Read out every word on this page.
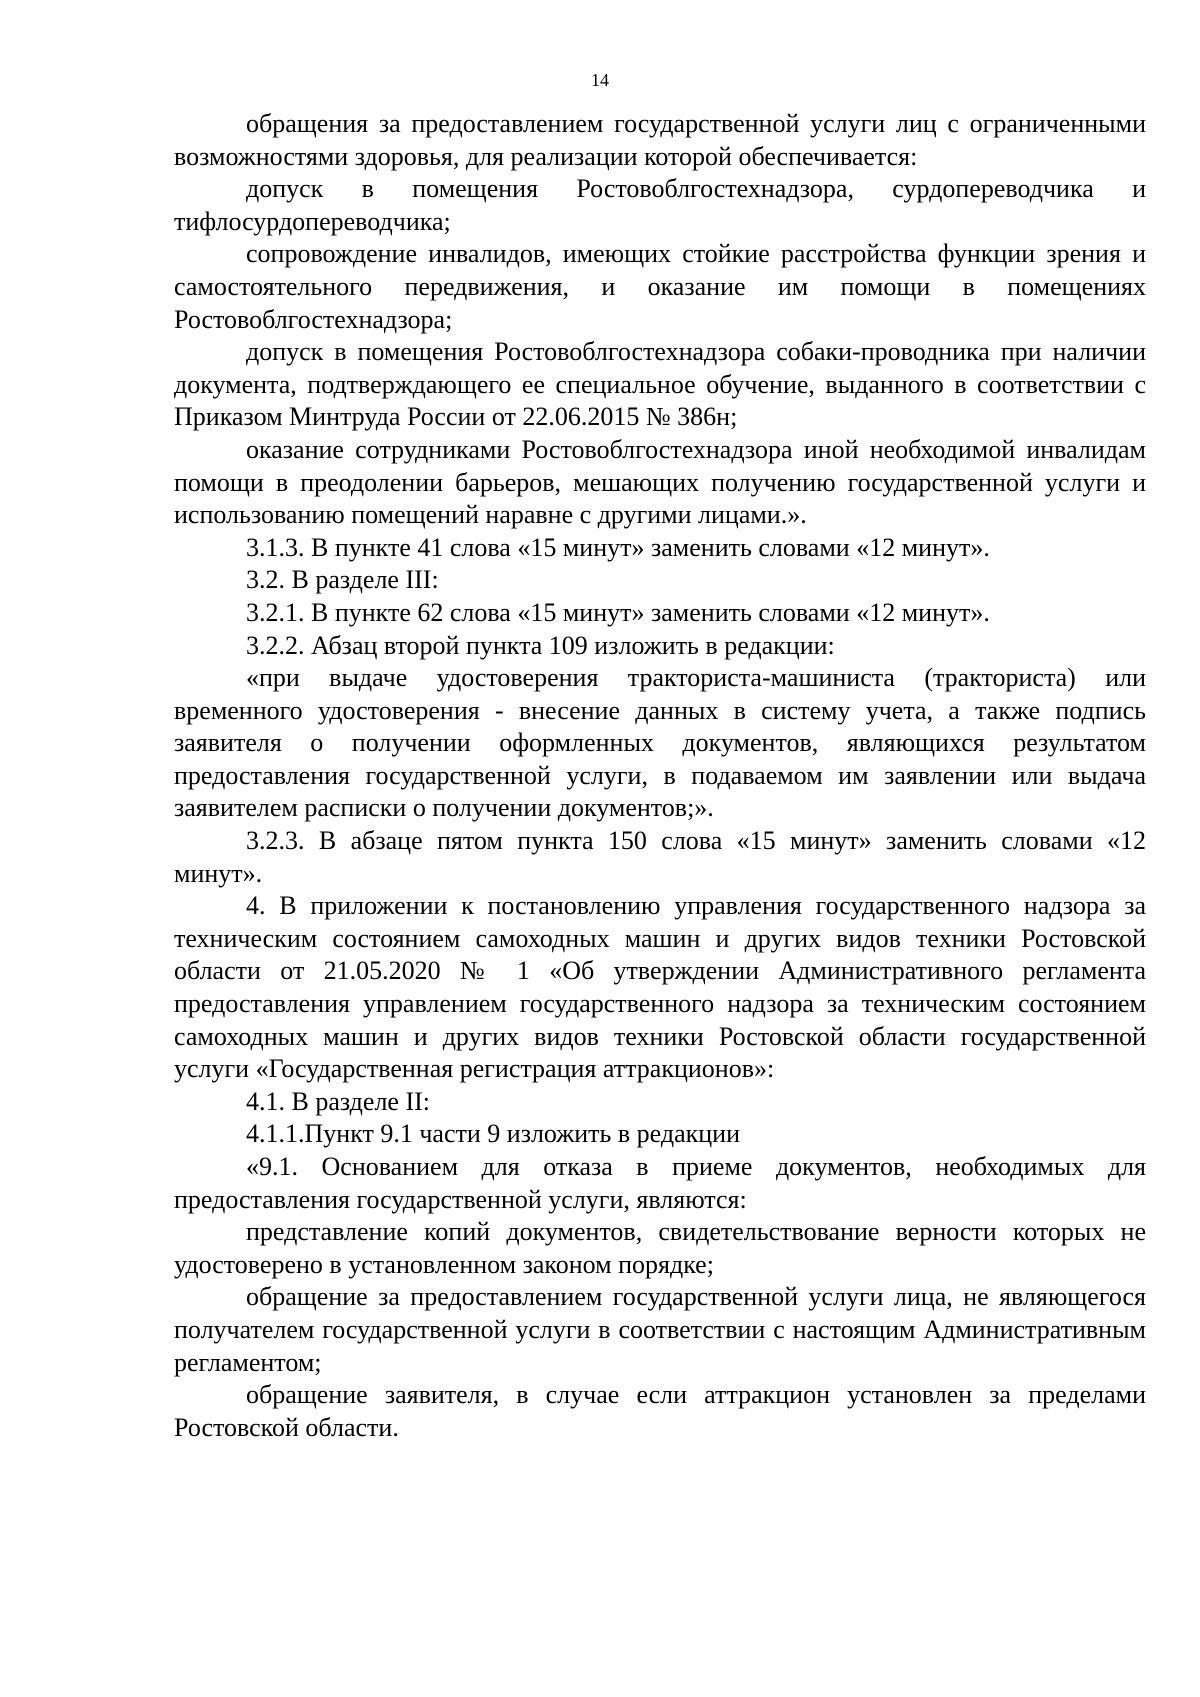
14

обращения за предоставлением государственной услуги лиц с ограниченными возможностями здоровья, для реализации которой обеспечивается:

допуск в помещения Ростовоблгостехнадзора, сурдопереводчика и тифлосурдопереводчика;

сопровождение инвалидов, имеющих стойкие расстройства функции зрения и самостоятельного передвижения, и оказание им помощи в помещениях Ростовоблгостехнадзора;

допуск в помещения Ростовоблгостехнадзора собаки-проводника при наличии документа, подтверждающего ее специальное обучение, выданного в соответствии с Приказом Минтруда России от 22.06.2015 № 386н;

оказание сотрудниками Ростовоблгостехнадзора иной необходимой инвалидам помощи в преодолении барьеров, мешающих получению государственной услуги и использованию помещений наравне с другими лицами.».

3.1.3. В пункте 41 слова «15 минут» заменить словами «12 минут».

3.2. В разделе III:

3.2.1. В пункте 62 слова «15 минут» заменить словами «12 минут».

3.2.2. Абзац второй пункта 109 изложить в редакции:

«при выдаче удостоверения тракториста-машиниста (тракториста) или временного удостоверения - внесение данных в систему учета, а также подпись заявителя о получении оформленных документов, являющихся результатом предоставления государственной услуги, в подаваемом им заявлении или выдача заявителем расписки о получении документов;».

3.2.3. В абзаце пятом пункта 150 слова «15 минут» заменить словами «12 минут».

4. В приложении к постановлению управления государственного надзора за техническим состоянием самоходных машин и других видов техники Ростовской области от 21.05.2020 № 1 «Об утверждении Административного регламента предоставления управлением государственного надзора за техническим состоянием самоходных машин и других видов техники Ростовской области государственной услуги «Государственная регистрация аттракционов»:

4.1. В разделе II:

4.1.1.Пункт 9.1 части 9 изложить в редакции

«9.1. Основанием для отказа в приеме документов, необходимых для предоставления государственной услуги, являются:

представление копий документов, свидетельствование верности которых не удостоверено в установленном законом порядке;

обращение за предоставлением государственной услуги лица, не являющегося получателем государственной услуги в соответствии с настоящим Административным регламентом;

обращение заявителя, в случае если аттракцион установлен за пределами Ростовской области.
